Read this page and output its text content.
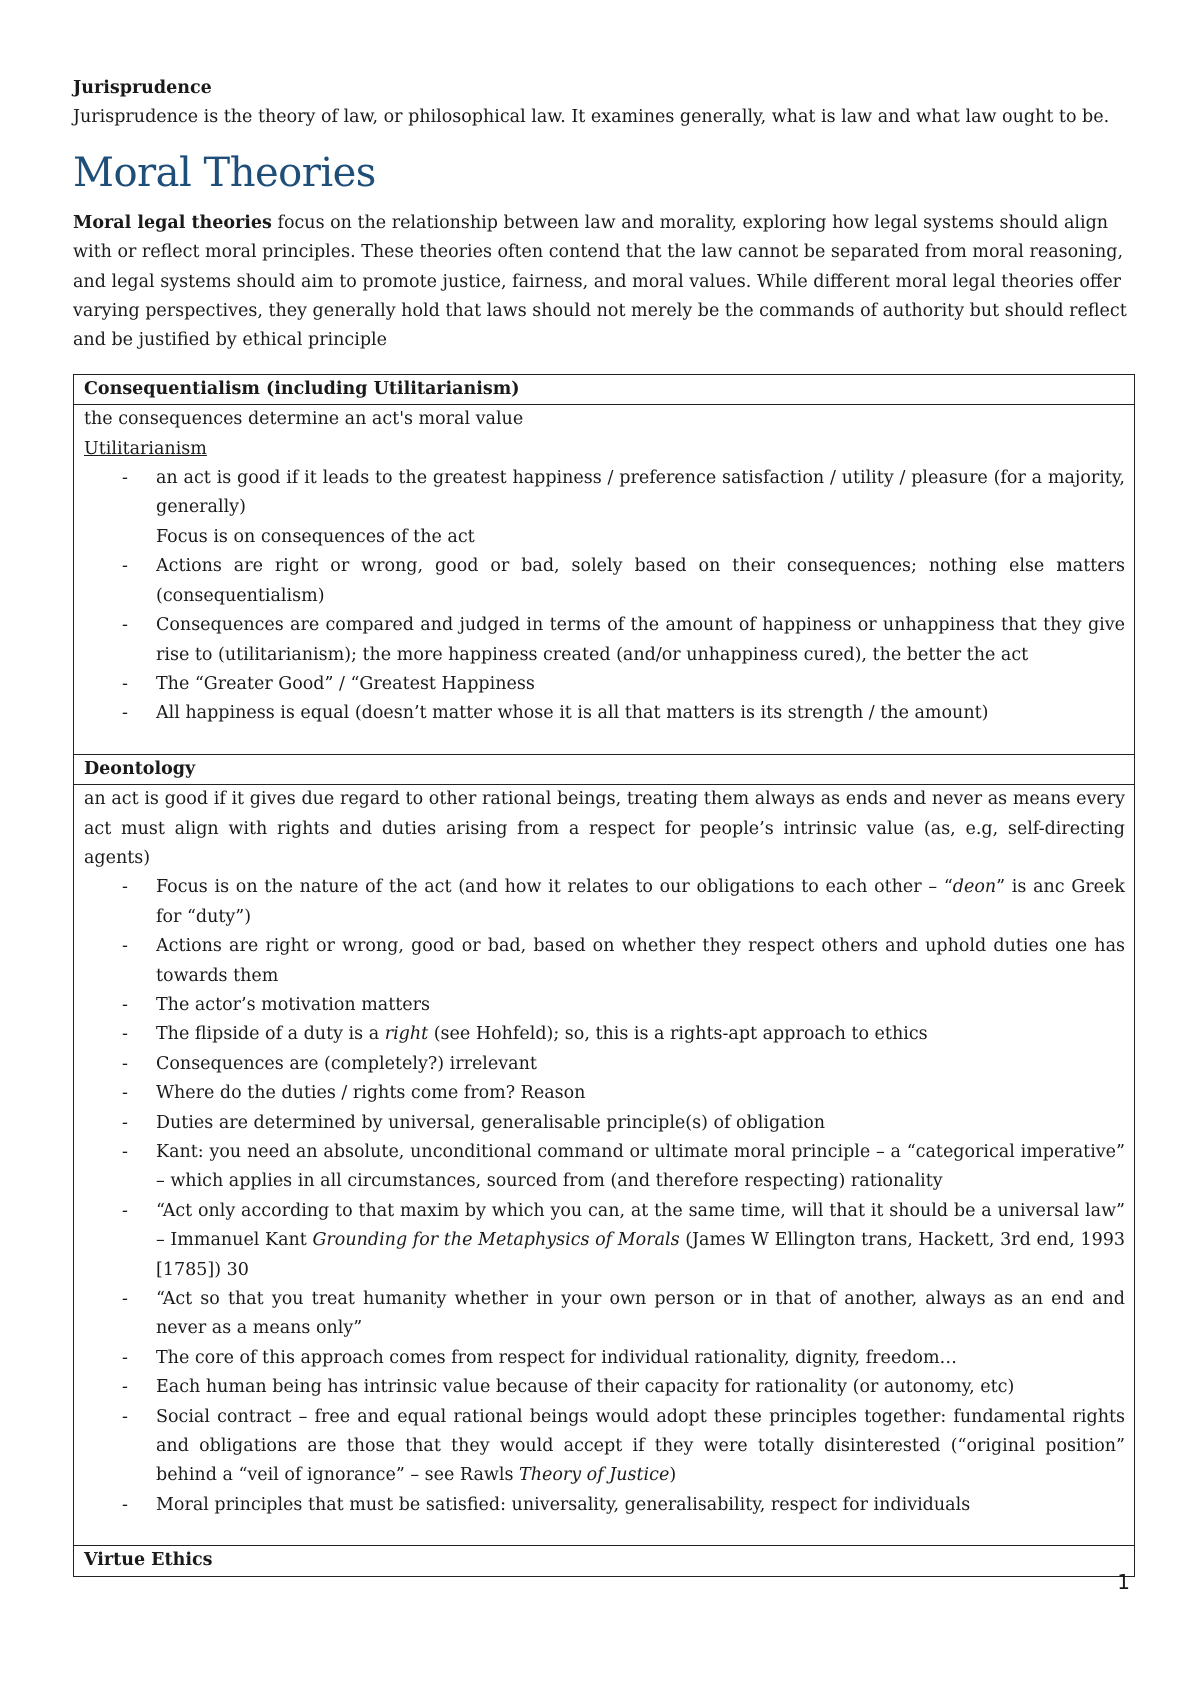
Jurisprudence

Jurisprudence is the theory of law, or philosophical law. It examines generally, what is law and what law ought to be.

Moral Theories

Moral legal theories focus on the relationship between law and morality, exploring how legal systems should align with or reflect moral principles. These theories often contend that the law cannot be separated from moral reasoning, and legal systems should aim to promote justice, fairness, and moral values. While different moral legal theories offer varying perspectives, they generally hold that laws should not merely be the commands of authority but should reflect and be justified by ethical principle

Consequentialism (including Utilitarianism)

the consequences determine an act's moral value
Utilitarianism
- an act is good if it leads to the greatest happiness / preference satisfaction / utility / pleasure (for a majority, generally)
Focus is on consequences of the act
- Actions are right or wrong, good or bad, solely based on their consequences; nothing else matters (consequentialism)
- Consequences are compared and judged in terms of the amount of happiness or unhappiness that they give rise to (utilitarianism); the more happiness created (and/or unhappiness cured), the better the act
- The “Greater Good” / “Greatest Happiness
- All happiness is equal (doesn’t matter whose it is all that matters is its strength / the amount)

Deontology

an act is good if it gives due regard to other rational beings, treating them always as ends and never as means every act must align with rights and duties arising from a respect for people’s intrinsic value (as, e.g, self-directing agents)
- Focus is on the nature of the act (and how it relates to our obligations to each other – “deon” is anc Greek for “duty”)
- Actions are right or wrong, good or bad, based on whether they respect others and uphold duties one has towards them
- The actor’s motivation matters
- The flipside of a duty is a right (see Hohfeld); so, this is a rights-apt approach to ethics
- Consequences are (completely?) irrelevant
- Where do the duties / rights come from? Reason
- Duties are determined by universal, generalisable principle(s) of obligation
- Kant: you need an absolute, unconditional command or ultimate moral principle – a “categorical imperative” – which applies in all circumstances, sourced from (and therefore respecting) rationality
- “Act only according to that maxim by which you can, at the same time, will that it should be a universal law” – Immanuel Kant Grounding for the Metaphysics of Morals (James W Ellington trans, Hackett, 3rd end, 1993 [1785]) 30
- “Act so that you treat humanity whether in your own person or in that of another, always as an end and never as a means only”
- The core of this approach comes from respect for individual rationality, dignity, freedom…
- Each human being has intrinsic value because of their capacity for rationality (or autonomy, etc)
- Social contract – free and equal rational beings would adopt these principles together: fundamental rights and obligations are those that they would accept if they were totally disinterested (“original position” behind a “veil of ignorance” – see Rawls Theory of Justice)
- Moral principles that must be satisfied: universality, generalisability, respect for individuals

Virtue Ethics
1
